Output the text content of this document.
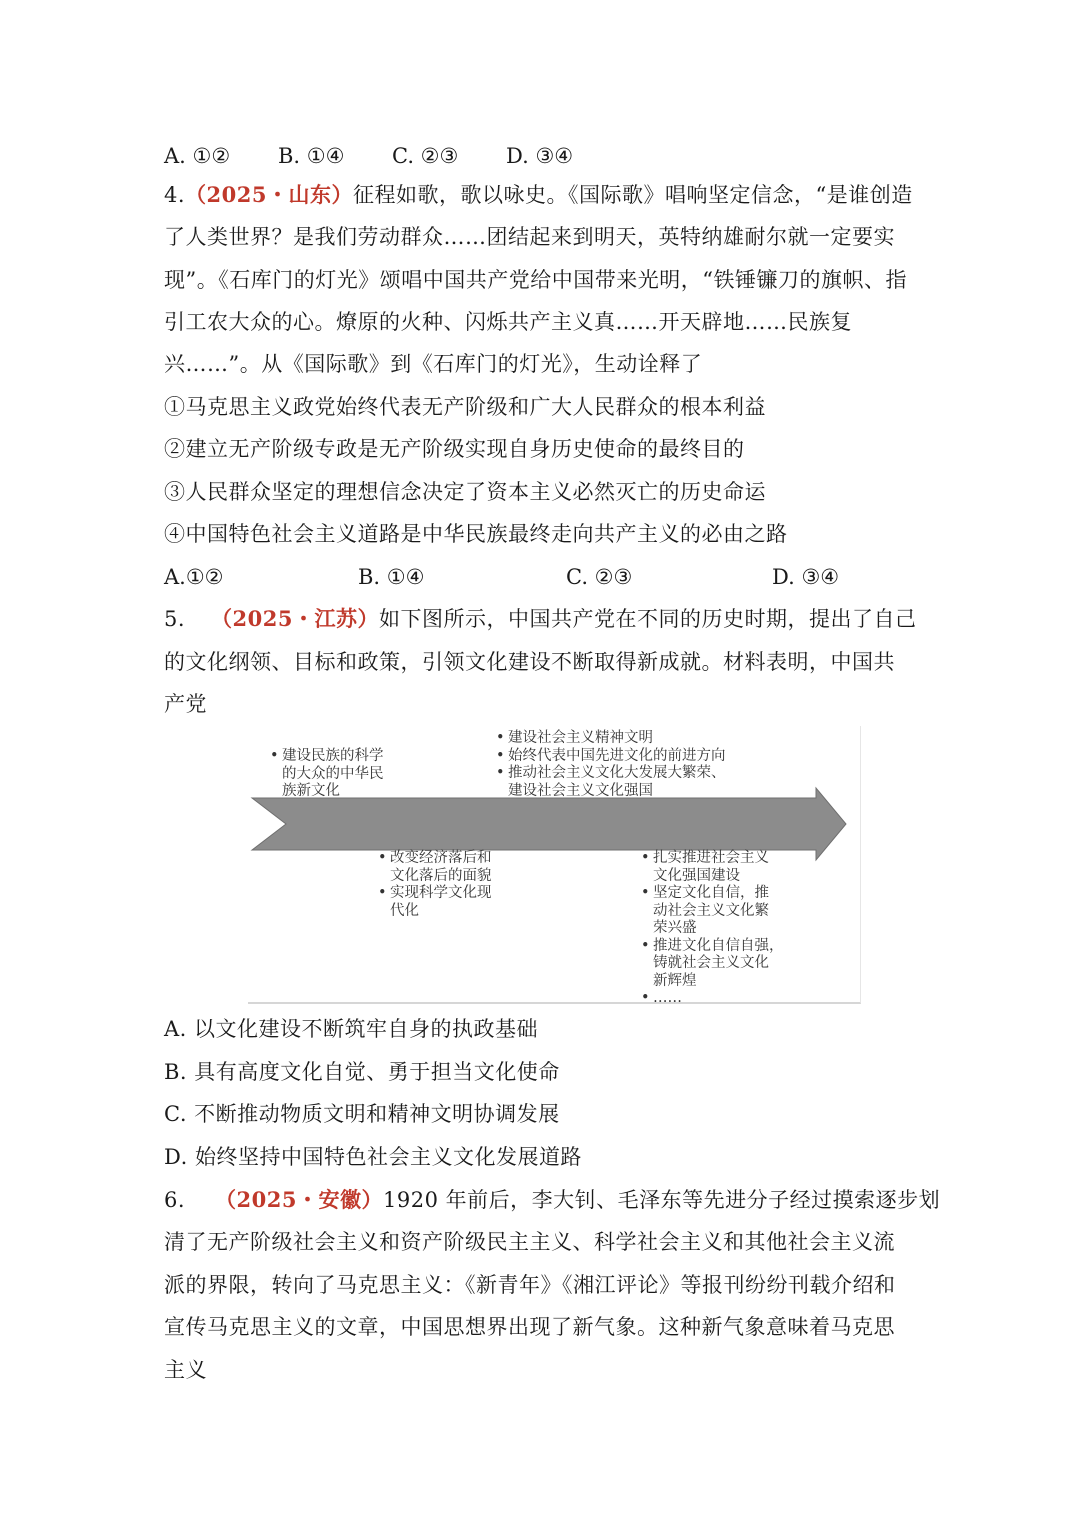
A. ①② B. ①④ C. ②③ D. ③④
4.（2025・山东）征程如歌，歌以咏史。《国际歌》唱响坚定信念，“是谁创造
了人类世界？是我们劳动群众……团结起来到明天，英特纳雄耐尔就一定要实
现”。《石库门的灯光》颂唱中国共产党给中国带来光明，“铁锤镰刀的旗帜、指
引工农大众的心。燎原的火种、闪烁共产主义真……开天辟地……民族复
兴……”。从《国际歌》到《石库门的灯光》，生动诠释了
①马克思主义政党始终代表无产阶级和广大人民群众的根本利益
②建立无产阶级专政是无产阶级实现自身历史使命的最终目的
③人民群众坚定的理想信念决定了资本主义必然灭亡的历史命运
④中国特色社会主义道路是中华民族最终走向共产主义的必由之路
A.①②	B. ①④	C. ②③	D. ③④
5. （2025・江苏）如下图所示，中国共产党在不同的历史时期，提出了自己
的文化纲领、目标和政策，引领文化建设不断取得新成就。材料表明，中国共
产党
• 建设民族的科学
的大众的中华民
族新文化
• 建设社会主义精神文明
• 始终代表中国先进文化的前进方向
• 推动社会主义文化大发展大繁荣、
建设社会主义文化强国
• 改变经济落后和
文化落后的面貌
• 实现科学文化现
代化
• 扎实推进社会主义
文化强国建设
• 坚定文化自信，推
动社会主义文化繁
荣兴盛
• 推进文化自信自强，
铸就社会主义文化
新辉煌
• ……
A. 以文化建设不断筑牢自身的执政基础
B. 具有高度文化自觉、勇于担当文化使命
C. 不断推动物质文明和精神文明协调发展
D. 始终坚持中国特色社会主义文化发展道路
6. （2025・安徽）1920 年前后，李大钊、毛泽东等先进分子经过摸索逐步划
清了无产阶级社会主义和资产阶级民主主义、科学社会主义和其他社会主义流
派的界限，转向了马克思主义：《新青年》《湘江评论》等报刊纷纷刊载介绍和
宣传马克思主义的文章，中国思想界出现了新气象。这种新气象意味着马克思
主义
